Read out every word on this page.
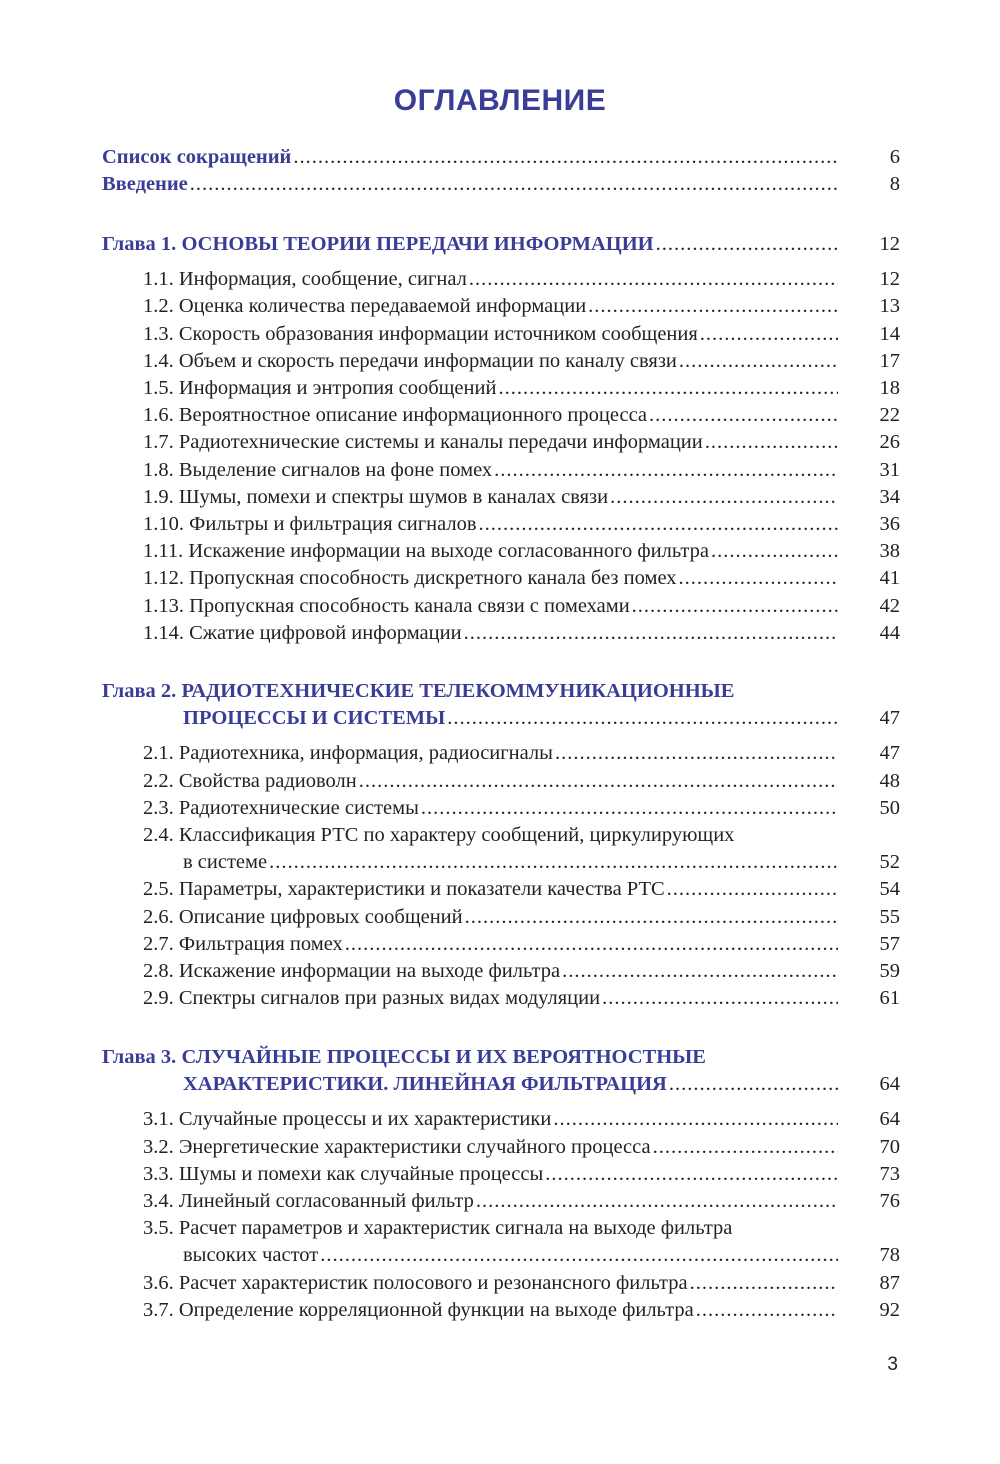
ОГЛАВЛЕНИЕ
Список сокращений .....	6
Введение .....	8
Глава 1. ОСНОВЫ ТЕОРИИ ПЕРЕДАЧИ ИНФОРМАЦИИ .....	12
1.1. Информация, сообщение, сигнал .....	12
1.2. Оценка количества передаваемой информации .....	13
1.3. Скорость образования информации источником сообщения .....	14
1.4. Объем и скорость передачи информации по каналу связи .....	17
1.5. Информация и энтропия сообщений .....	18
1.6. Вероятностное описание информационного процесса .....	22
1.7. Радиотехнические системы и каналы передачи информации .....	26
1.8. Выделение сигналов на фоне помех .....	31
1.9. Шумы, помехи и спектры шумов в каналах связи .....	34
1.10. Фильтры и фильтрация сигналов .....	36
1.11. Искажение информации на выходе согласованного фильтра .....	38
1.12. Пропускная способность дискретного канала без помех .....	41
1.13. Пропускная способность канала связи с помехами .....	42
1.14. Сжатие цифровой информации .....	44
Глава 2. РАДИОТЕХНИЧЕСКИЕ ТЕЛЕКОММУНИКАЦИОННЫЕ
ПРОЦЕССЫ И СИСТЕМЫ .....	47
2.1. Радиотехника, информация, радиосигналы .....	47
2.2. Свойства радиоволн .....	48
2.3. Радиотехнические системы .....	50
2.4. Классификация РТС по характеру сообщений, циркулирующих
в системе .....	52
2.5. Параметры, характеристики и показатели качества РТС .....	54
2.6. Описание цифровых сообщений .....	55
2.7. Фильтрация помех .....	57
2.8. Искажение информации на выходе фильтра .....	59
2.9. Спектры сигналов при разных видах модуляции .....	61
Глава 3. СЛУЧАЙНЫЕ ПРОЦЕССЫ И ИХ ВЕРОЯТНОСТНЫЕ
ХАРАКТЕРИСТИКИ. ЛИНЕЙНАЯ ФИЛЬТРАЦИЯ .....	64
3.1. Случайные процессы и их характеристики .....	64
3.2. Энергетические характеристики случайного процесса .....	70
3.3. Шумы и помехи как случайные процессы .....	73
3.4. Линейный согласованный фильтр .....	76
3.5. Расчет параметров и характеристик сигнала на выходе фильтра
высоких частот .....	78
3.6. Расчет характеристик полосового и резонансного фильтра .....	87
3.7. Определение корреляционной функции на выходе фильтра .....	92
3
